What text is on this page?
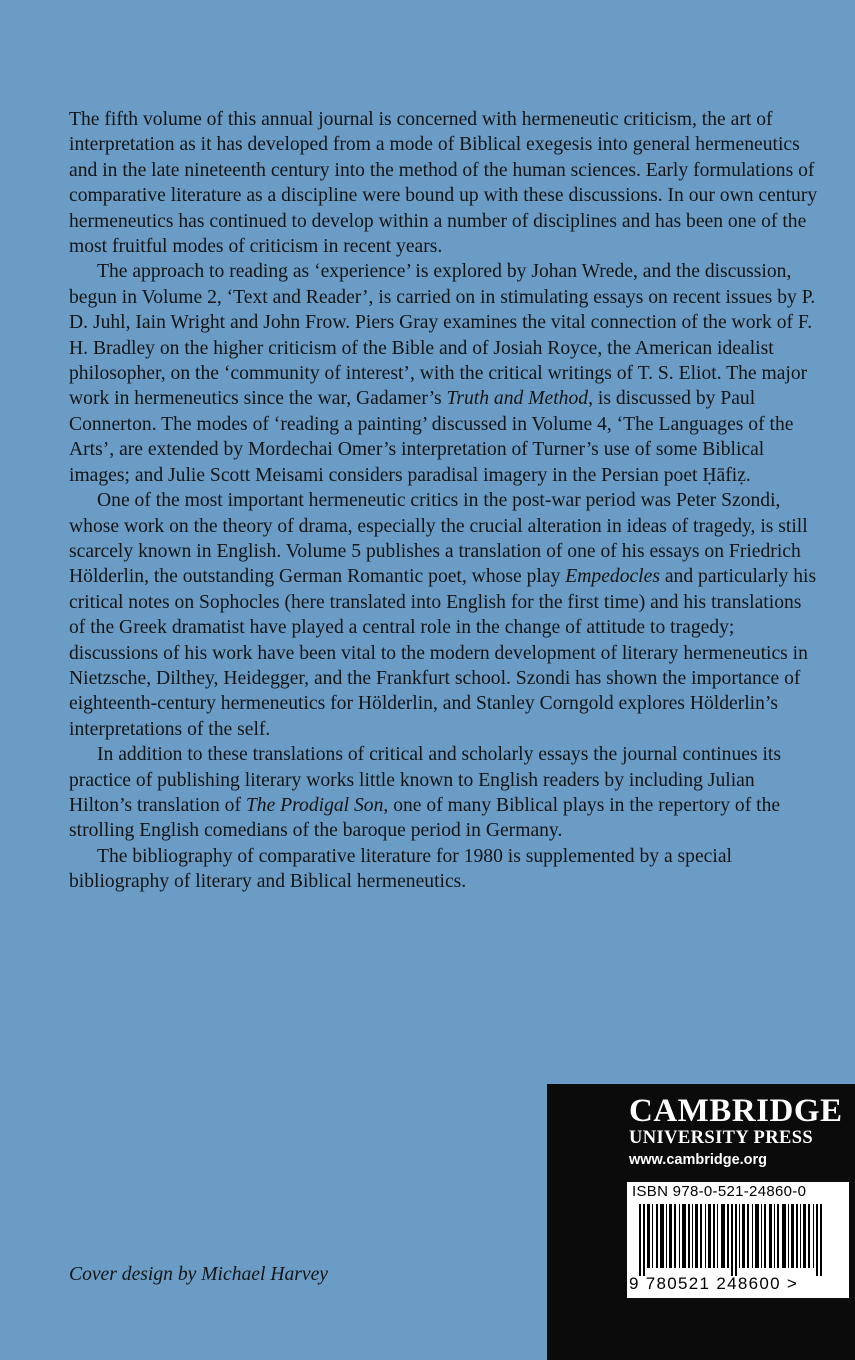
The fifth volume of this annual journal is concerned with hermeneutic criticism, the art of interpretation as it has developed from a mode of Biblical exegesis into general hermeneutics and in the late nineteenth century into the method of the human sciences. Early formulations of comparative literature as a discipline were bound up with these discussions. In our own century hermeneutics has continued to develop within a number of disciplines and has been one of the most fruitful modes of criticism in recent years.

The approach to reading as ‘experience’ is explored by Johan Wrede, and the discussion, begun in Volume 2, ‘Text and Reader’, is carried on in stimulating essays on recent issues by P. D. Juhl, Iain Wright and John Frow. Piers Gray examines the vital connection of the work of F. H. Bradley on the higher criticism of the Bible and of Josiah Royce, the American idealist philosopher, on the ‘community of interest’, with the critical writings of T. S. Eliot. The major work in hermeneutics since the war, Gadamer’s Truth and Method, is discussed by Paul Connerton. The modes of ‘reading a painting’ discussed in Volume 4, ‘The Languages of the Arts’, are extended by Mordechai Omer’s interpretation of Turner’s use of some Biblical images; and Julie Scott Meisami considers paradisal imagery in the Persian poet Ḥāfiẓ.

One of the most important hermeneutic critics in the post-war period was Peter Szondi, whose work on the theory of drama, especially the crucial alteration in ideas of tragedy, is still scarcely known in English. Volume 5 publishes a translation of one of his essays on Friedrich Hölderlin, the outstanding German Romantic poet, whose play Empedocles and particularly his critical notes on Sophocles (here translated into English for the first time) and his translations of the Greek dramatist have played a central role in the change of attitude to tragedy; discussions of his work have been vital to the modern development of literary hermeneutics in Nietzsche, Dilthey, Heidegger, and the Frankfurt school. Szondi has shown the importance of eighteenth-century hermeneutics for Hölderlin, and Stanley Corngold explores Hölderlin’s interpretations of the self.

In addition to these translations of critical and scholarly essays the journal continues its practice of publishing literary works little known to English readers by including Julian Hilton’s translation of The Prodigal Son, one of many Biblical plays in the repertory of the strolling English comedians of the baroque period in Germany.

The bibliography of comparative literature for 1980 is supplemented by a special bibliography of literary and Biblical hermeneutics.

Cover design by Michael Harvey
CAMBRIDGE
UNIVERSITY PRESS
www.cambridge.org
ISBN 978-0-521-24860-0
9 780521 248600 >
